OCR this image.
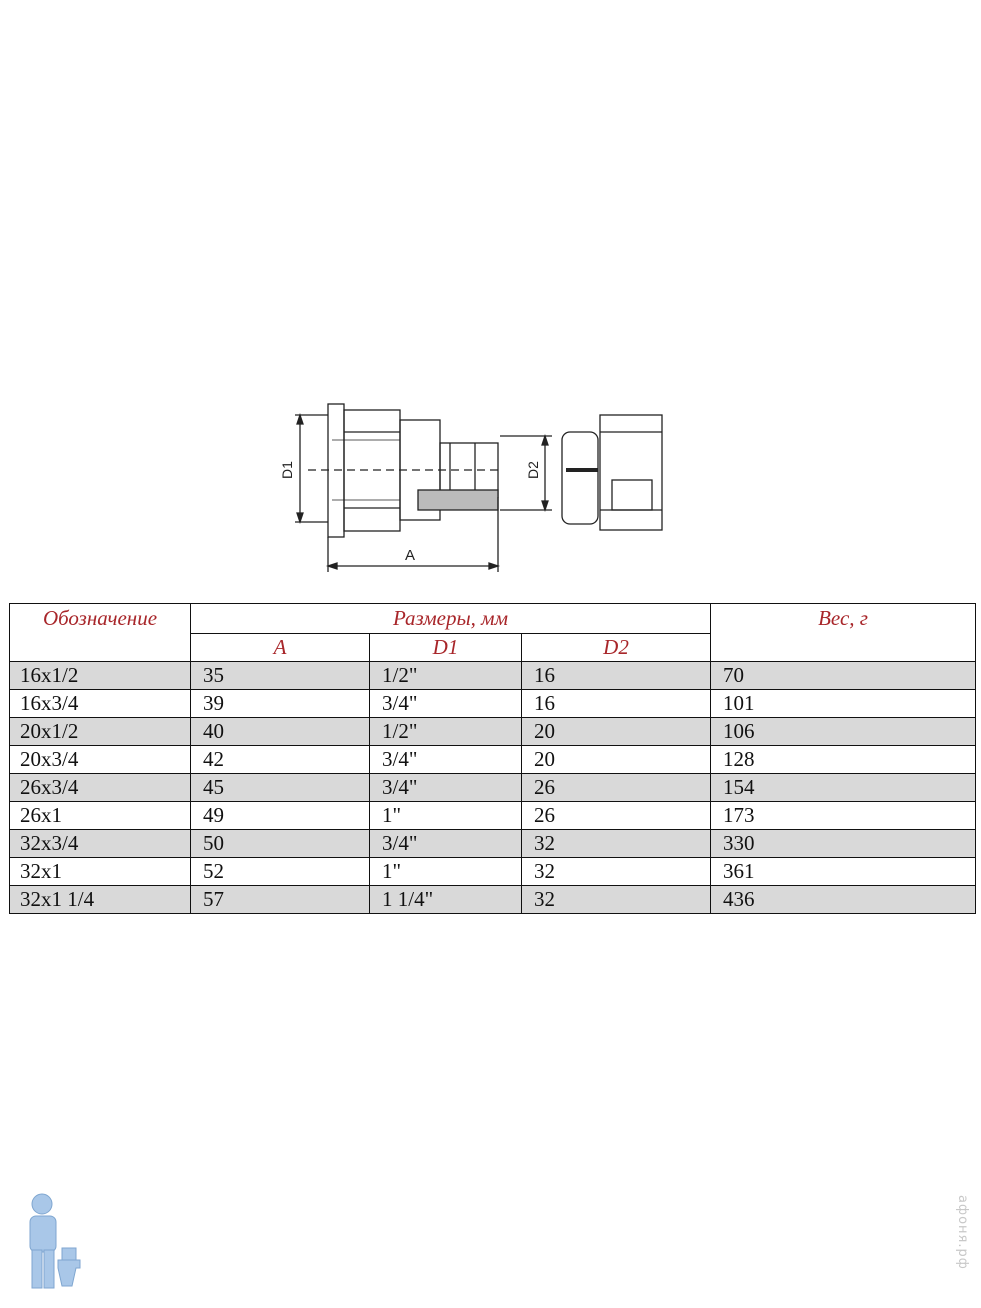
D1
A
D2
Обозначение	Размеры, мм			Вес, г
	A	D1	D2	
16x1/2	35	1/2"	16	70
16x3/4	39	3/4"	16	101
20x1/2	40	1/2"	20	106
20x3/4	42	3/4"	20	128
26x3/4	45	3/4"	26	154
26x1	49	1"	26	173
32x3/4	50	3/4"	32	330
32x1	52	1"	32	361
32x1 1/4	57	1 1/4"	32	436
афоня.рф
